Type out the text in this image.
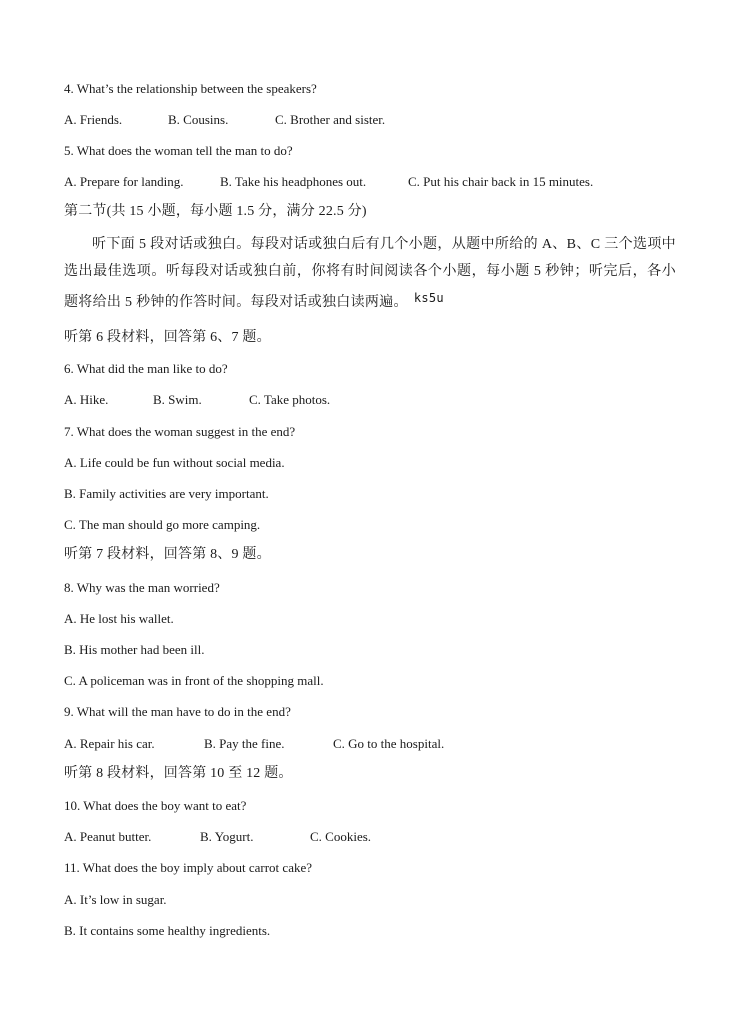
4. What’s the relationship between the speakers?
A. Friends.	B. Cousins.	C. Brother and sister.
5. What does the woman tell the man to do?
A. Prepare for landing.	B. Take his headphones out.	C. Put his chair back in 15 minutes.
第二节(共 15 小题，每小题 1.5 分，满分 22.5 分)
听下面 5 段对话或独白。每段对话或独白后有几个小题，从题中所给的 A、B、C 三个选项中选出最佳选项。听每段对话或独白前，你将有时间阅读各个小题，每小题 5 秒钟；听完后，各小题将给出 5 秒钟的作答时间。每段对话或独白读两遍。 ks5u
听第 6 段材料，回答第 6、7 题。
6. What did the man like to do?
A. Hike.	B. Swim.	C. Take photos.
7. What does the woman suggest in the end?
A. Life could be fun without social media.
B. Family activities are very important.
C. The man should go more camping.
听第 7 段材料，回答第 8、9 题。
8. Why was the man worried?
A. He lost his wallet.
B. His mother had been ill.
C. A policeman was in front of the shopping mall.
9. What will the man have to do in the end?
A. Repair his car.	B. Pay the fine.	C. Go to the hospital.
听第 8 段材料，回答第 10 至 12 题。
10. What does the boy want to eat?
A. Peanut butter.	B. Yogurt.	C. Cookies.
11. What does the boy imply about carrot cake?
A. It’s low in sugar.
B. It contains some healthy ingredients.
